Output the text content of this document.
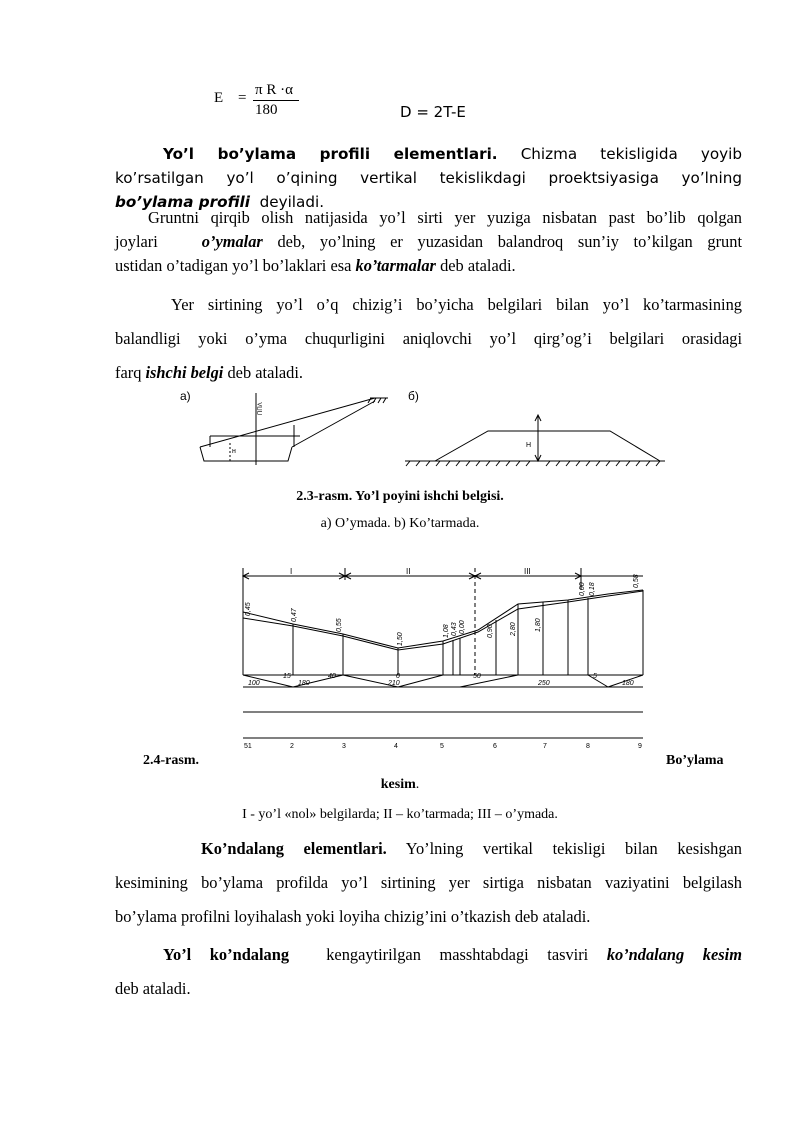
$E = \frac{\text{π R ·α}}{180}$	D = 2T-E

Yo’l bo’ylama profili elementlari. Chizma tekisligida yoyib

ko’rsatilgan yo’l o’qining vertikal tekislikdagi proektsiyasiga yo’lning

bo’ylama profili deyiladi.

Gruntni qirqib olish natijasida yo’l sirti yer yuziga nisbatan past bo’lib qolgan

joylari	o’ymalar deb, yo’lning er yuzasidan balandroq sun’iy to’kilgan grunt

ustidan o’tadigan yo’l bo’laklari esa ko’tarmalar deb ataladi.

Yer sirtining yo’l o’q chizig’i bo’yicha belgilari bilan yo’l ko’tarmasining

balandligi yoki o’yma chuqurligini aniqlovchi yo’l qirg’og’i belgilari orasidagi

farq ishchi belgi deb ataladi.

a)	б)
н
ΠΠΛ
H
2.3-rasm. Yo’l poyini ishchi belgisi.
a) O’ymada. b) Ko’tarmada.
I	II	III
100
15
180
40	0
210
50
250
5
180
0,45	0,47
0,55
1,50
1,08 0,43 0,00	0,90 2,80	1,80
0,00 0,18
0,58
51	2	3	4	5	6	7	8	9
2.4-rasm.	Bo’ylama
kesim.
I - yo’l «nol» belgilarda; II – ko’tarmada; III – o’ymada.

Ko’ndalang elementlari. Yo’lning vertikal tekisligi bilan kesishgan

kesimining bo’ylama profilda yo’l sirtining yer sirtiga nisbatan vaziyatini belgilash

bo’ylama profilni loyihalash yoki loyiha chizig’ini o’tkazish deb ataladi.

Yo’l ko’ndalang kengaytirilgan masshtabdagi tasviri ko’ndalang kesim

deb ataladi.
